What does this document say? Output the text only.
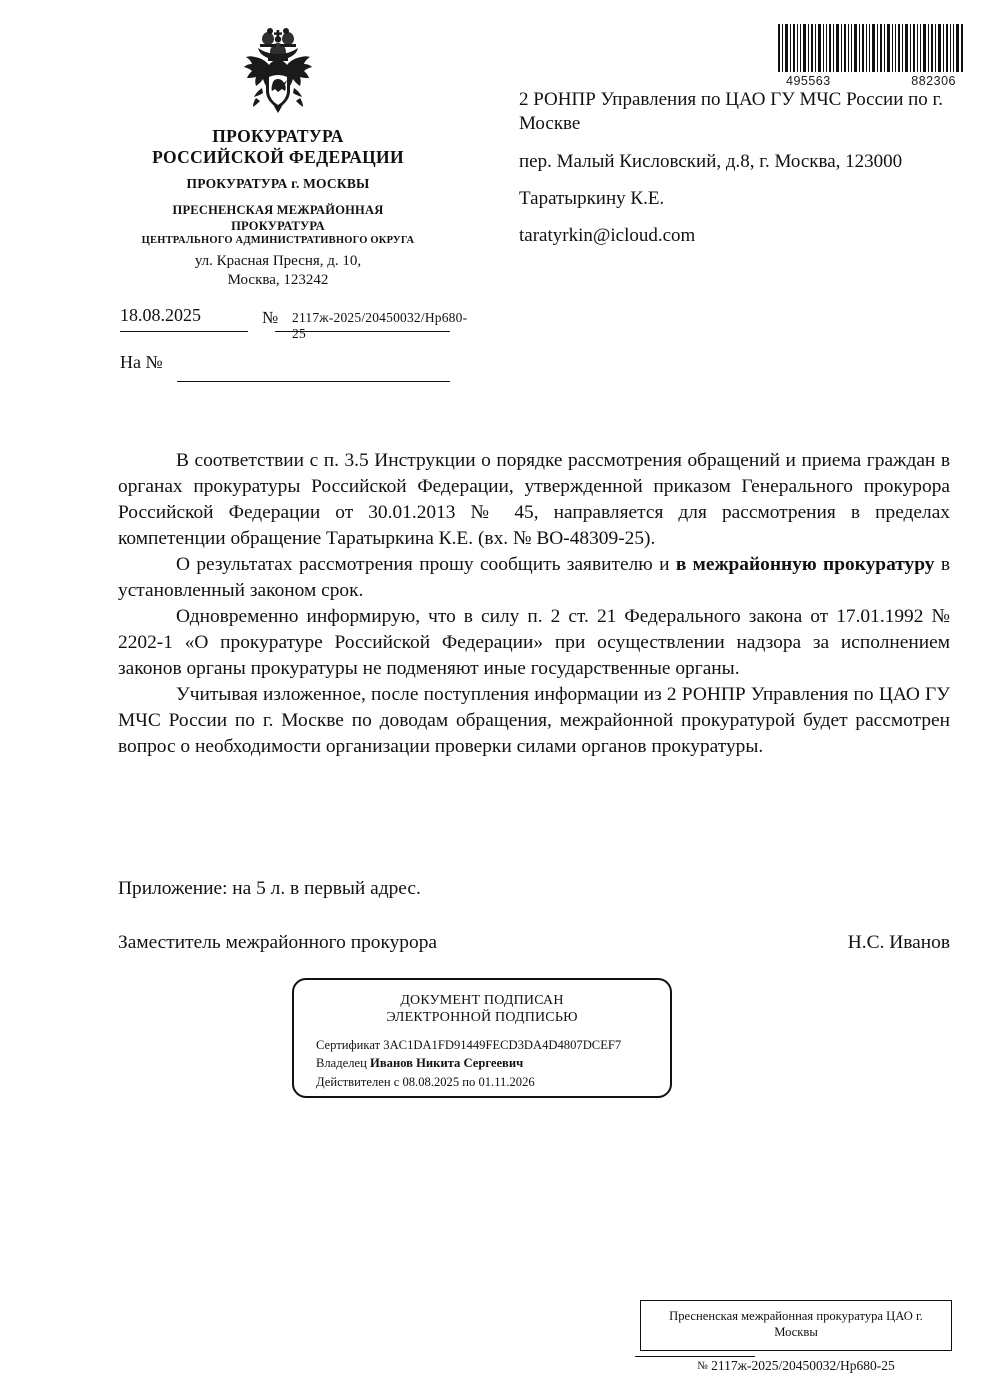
495563	882306
ПРОКУРАТУРА
РОССИЙСКОЙ ФЕДЕРАЦИИ
ПРОКУРАТУРА г. МОСКВЫ
ПРЕСНЕНСКАЯ МЕЖРАЙОННАЯ
ПРОКУРАТУРА
ЦЕНТРАЛЬНОГО АДМИНИСТРАТИВНОГО ОКРУГА
ул. Красная Пресня, д. 10,
Москва, 123242

2 РОНПР Управления по ЦАО ГУ МЧС России по г. Москве

пер. Малый Кисловский, д.8, г. Москва, 123000

Таратыркину К.Е.

taratyrkin@icloud.com

18.08.2025	№ 2117ж-2025/20450032/Нр680-25
На №

В соответствии с п. 3.5 Инструкции о порядке рассмотрения обращений и приема граждан в органах прокуратуры Российской Федерации, утвержденной приказом Генерального прокурора Российской Федерации от 30.01.2013 № 45, направляется для рассмотрения в пределах компетенции обращение Таратыркина К.Е. (вх. № ВО-48309-25).

О результатах рассмотрения прошу сообщить заявителю и в межрайонную прокуратуру в установленный законом срок.

Одновременно информирую, что в силу п. 2 ст. 21 Федерального закона от 17.01.1992 № 2202-1 «О прокуратуре Российской Федерации» при осуществлении надзора за исполнением законов органы прокуратуры не подменяют иные государственные органы.

Учитывая изложенное, после поступления информации из 2 РОНПР Управления по ЦАО ГУ МЧС России по г. Москве по доводам обращения, межрайонной прокуратурой будет рассмотрен вопрос о необходимости организации проверки силами органов прокуратуры.

Приложение: на 5 л. в первый адрес.
Заместитель межрайонного прокурора	Н.С. Иванов
ДОКУМЕНТ ПОДПИСАН
ЭЛЕКТРОННОЙ ПОДПИСЬЮ
Сертификат 3AC1DA1FD91449FECD3DA4D4807DCEF7
Владелец Иванов Никита Сергеевич
Действителен с 08.08.2025 по 01.11.2026
Пресненская межрайонная прокуратура ЦАО г.
Москвы
№ 2117ж-2025/20450032/Нр680-25
